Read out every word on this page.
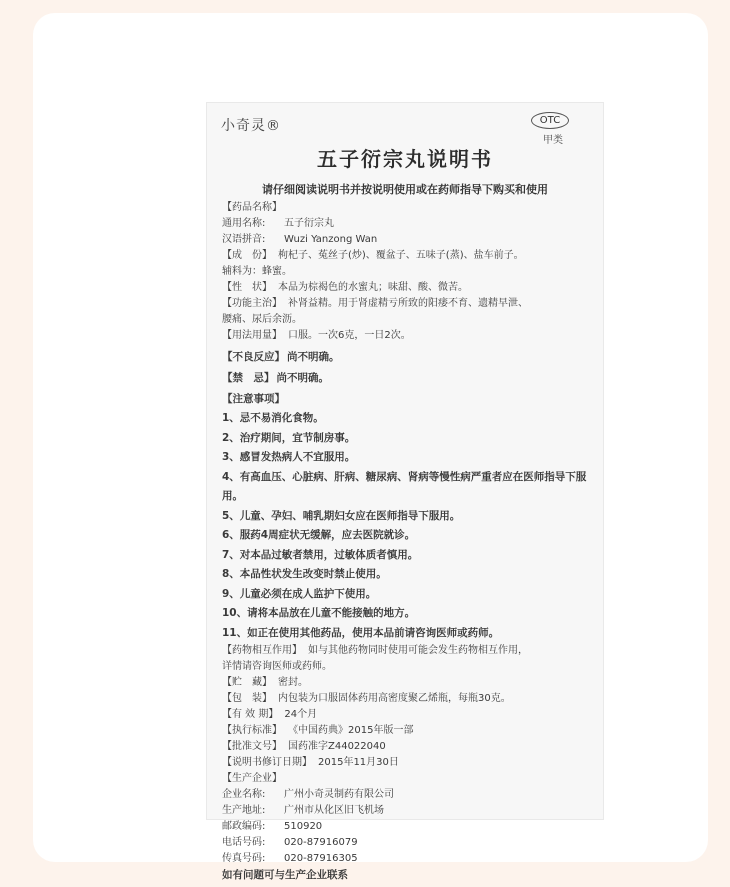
小奇灵®	OTC
甲类
五子衍宗丸说明书
请仔细阅读说明书并按说明使用或在药师指导下购买和使用
【药品名称】
通用名称: 五子衍宗丸
汉语拼音: Wuzi Yanzong Wan
【成　份】 枸杞子、菟丝子(炒)、覆盆子、五味子(蒸)、盐车前子。
辅料为：蜂蜜。
【性　状】 本品为棕褐色的水蜜丸；味甜、酸、微苦。
【功能主治】 补肾益精。用于肾虚精亏所致的阳痿不育、遗精早泄、
腰痛、尿后余沥。
【用法用量】 口服。一次6克，一日2次。
【不良反应】 尚不明确。
【禁　忌】 尚不明确。
【注意事项】
1、忌不易消化食物。
2、治疗期间，宜节制房事。
3、感冒发热病人不宜服用。
4、有高血压、心脏病、肝病、糖尿病、肾病等慢性病严重者应在医师指导下服用。
5、儿童、孕妇、哺乳期妇女应在医师指导下服用。
6、服药4周症状无缓解，应去医院就诊。
7、对本品过敏者禁用，过敏体质者慎用。
8、本品性状发生改变时禁止使用。
9、儿童必须在成人监护下使用。
10、请将本品放在儿童不能接触的地方。
11、如正在使用其他药品，使用本品前请咨询医师或药师。
【药物相互作用】 如与其他药物同时使用可能会发生药物相互作用，
详情请咨询医师或药师。
【贮　藏】 密封。
【包　装】 内包装为口服固体药用高密度聚乙烯瓶，每瓶30克。
【有 效 期】 24个月
【执行标准】 《中国药典》2015年版一部
【批准文号】 国药准字Z44022040
【说明书修订日期】 2015年11月30日
【生产企业】
企业名称: 广州小奇灵制药有限公司
生产地址: 广州市从化区旧飞机场
邮政编码: 510920
电话号码: 020-87916079
传真号码: 020-87916305
如有问题可与生产企业联系
